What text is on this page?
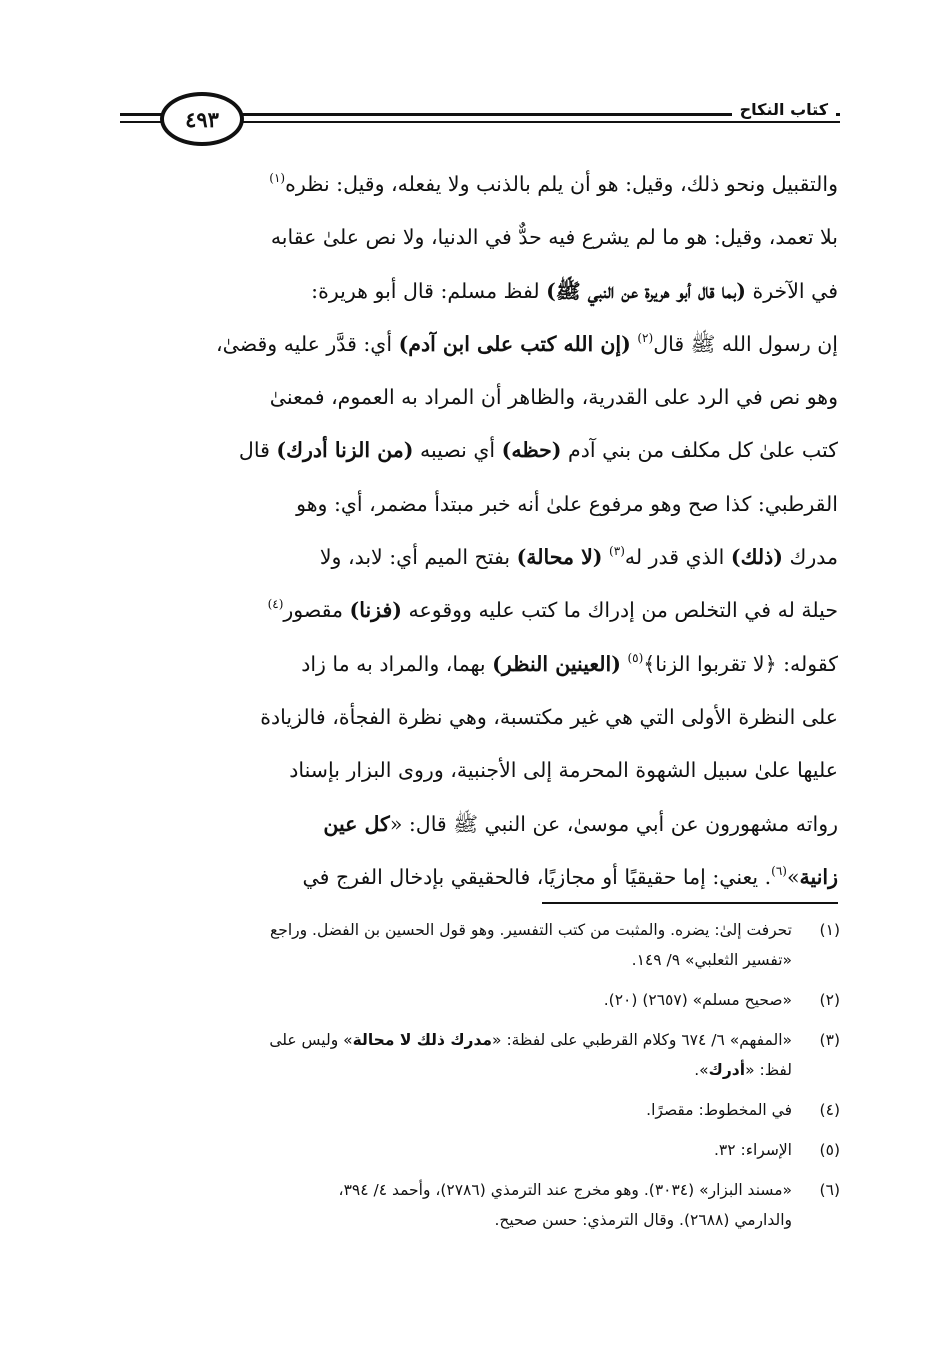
٤٩٣	كتاب النكاح
والتقبيل ونحو ذلك، وقيل: هو أن يلم بالذنب ولا يفعله، وقيل: نظره$^{(١)}$
بلا تعمد، وقيل: هو ما لم يشرع فيه حدٌّ في الدنيا، ولا نص علىٰ عقابه
في الآخرة (بما قال أبو هريرة عن النبي ﷺ) لفظ مسلم: قال أبو هريرة:
إن رسول الله ﷺ قال$^{(٢)}$ (إن الله كتب على ابن آدم) أي: قدَّر عليه وقضىٰ،
وهو نص في الرد على القدرية، والظاهر أن المراد به العموم، فمعنىٰ
كتب علىٰ كل مكلف من بني آدم (حظه) أي نصيبه (من الزنا أدرك) قال
القرطبي: كذا صح وهو مرفوع علىٰ أنه خبر مبتدأ مضمر، أي: وهو
مدرك (ذلك) الذي قدر له$^{(٣)}$ (لا محالة) بفتح الميم أي: لابد، ولا
حيلة له في التخلص من إدراك ما كتب عليه ووقوعه (فزنا) مقصور$^{(٤)}$
كقوله: ﴿لا تقربوا الزنا﴾$^{(٥)}$ (العينين النظر) بهما، والمراد به ما زاد
على النظرة الأولى التي هي غير مكتسبة، وهي نظرة الفجأة، فالزيادة
عليها علىٰ سبيل الشهوة المحرمة إلى الأجنبية، وروى البزار بإسناد
رواته مشهورون عن أبي موسىٰ، عن النبي ﷺ قال: «كل عين
زانية»$^{(٦)}$. يعني: إما حقيقيًا أو مجازيًا، فالحقيقي بإدخال الفرج في
(١)
تحرفت إلىٰ: يضره. والمثبت من كتب التفسير. وهو قول الحسين بن الفضل. وراجع
«تفسير الثعلبي» ٩/ ١٤٩.
(٢)
«صحيح مسلم» (٢٦٥٧) (٢٠).
(٣)
«المفهم» ٦/ ٦٧٤ وكلام القرطبي على لفظة: «مدرك ذلك لا محالة» وليس على
لفظ: «أدرك».
(٤)
في المخطوط: مقصرًا.
(٥)
الإسراء: ٣٢.
(٦)
«مسند البزار» (٣٠٣٤). وهو مخرج عند الترمذي (٢٧٨٦)، وأحمد ٤/ ٣٩٤،
والدارمي (٢٦٨٨). وقال الترمذي: حسن صحيح.
